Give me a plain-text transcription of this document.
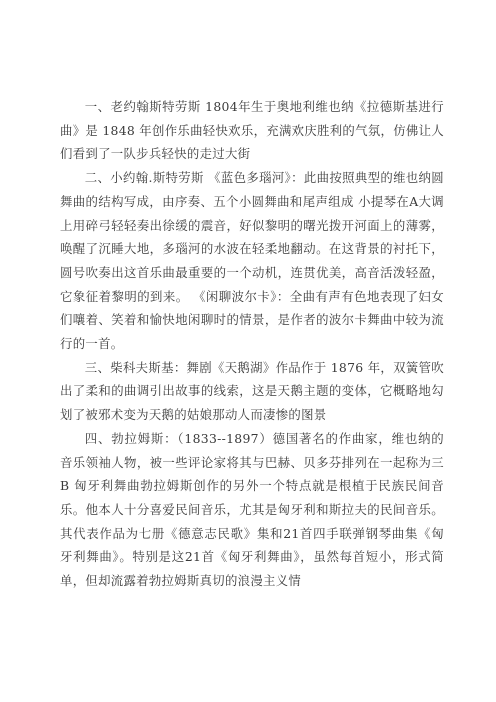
一、老约翰斯特劳斯 1804年生于奥地利维也纳《拉德斯基进行曲》是 1848 年创作乐曲轻快欢乐，充满欢庆胜利的气氛，仿佛让人们看到了一队步兵轻快的走过大街

二、小约翰.斯特劳斯 《蓝色多瑙河》：此曲按照典型的维也纳圆舞曲的结构写成，由序奏、五个小圆舞曲和尾声组成 小提琴在A大调上用碎弓轻轻奏出徐缓的震音，好似黎明的曙光拨开河面上的薄雾，唤醒了沉睡大地，多瑙河的水波在轻柔地翻动。在这背景的衬托下，圆号吹奏出这首乐曲最重要的一个动机，连贯优美，高音活泼轻盈，它象征着黎明的到来。 《闲聊波尔卡》：全曲有声有色地表现了妇女们嚷着、笑着和愉快地闲聊时的情景，是作者的波尔卡舞曲中较为流行的一首。

三、柴科夫斯基：舞剧《天鹅湖》作品作于 1876 年，双簧管吹出了柔和的曲调引出故事的线索，这是天鹅主题的变体，它概略地勾划了被邪术变为天鹅的姑娘那动人而凄惨的图景

四、勃拉姆斯：（1833--1897）德国著名的作曲家，维也纳的音乐领袖人物，被一些评论家将其与巴赫、贝多芬排列在一起称为三 B 匈牙利舞曲勃拉姆斯创作的另外一个特点就是根植于民族民间音乐。他本人十分喜爱民间音乐，尤其是匈牙利和斯拉夫的民间音乐。其代表作品为七册《德意志民歌》集和21首四手联弹钢琴曲集《匈牙利舞曲》。特别是这21首《匈牙利舞曲》，虽然每首短小，形式简单，但却流露着勃拉姆斯真切的浪漫主义情
